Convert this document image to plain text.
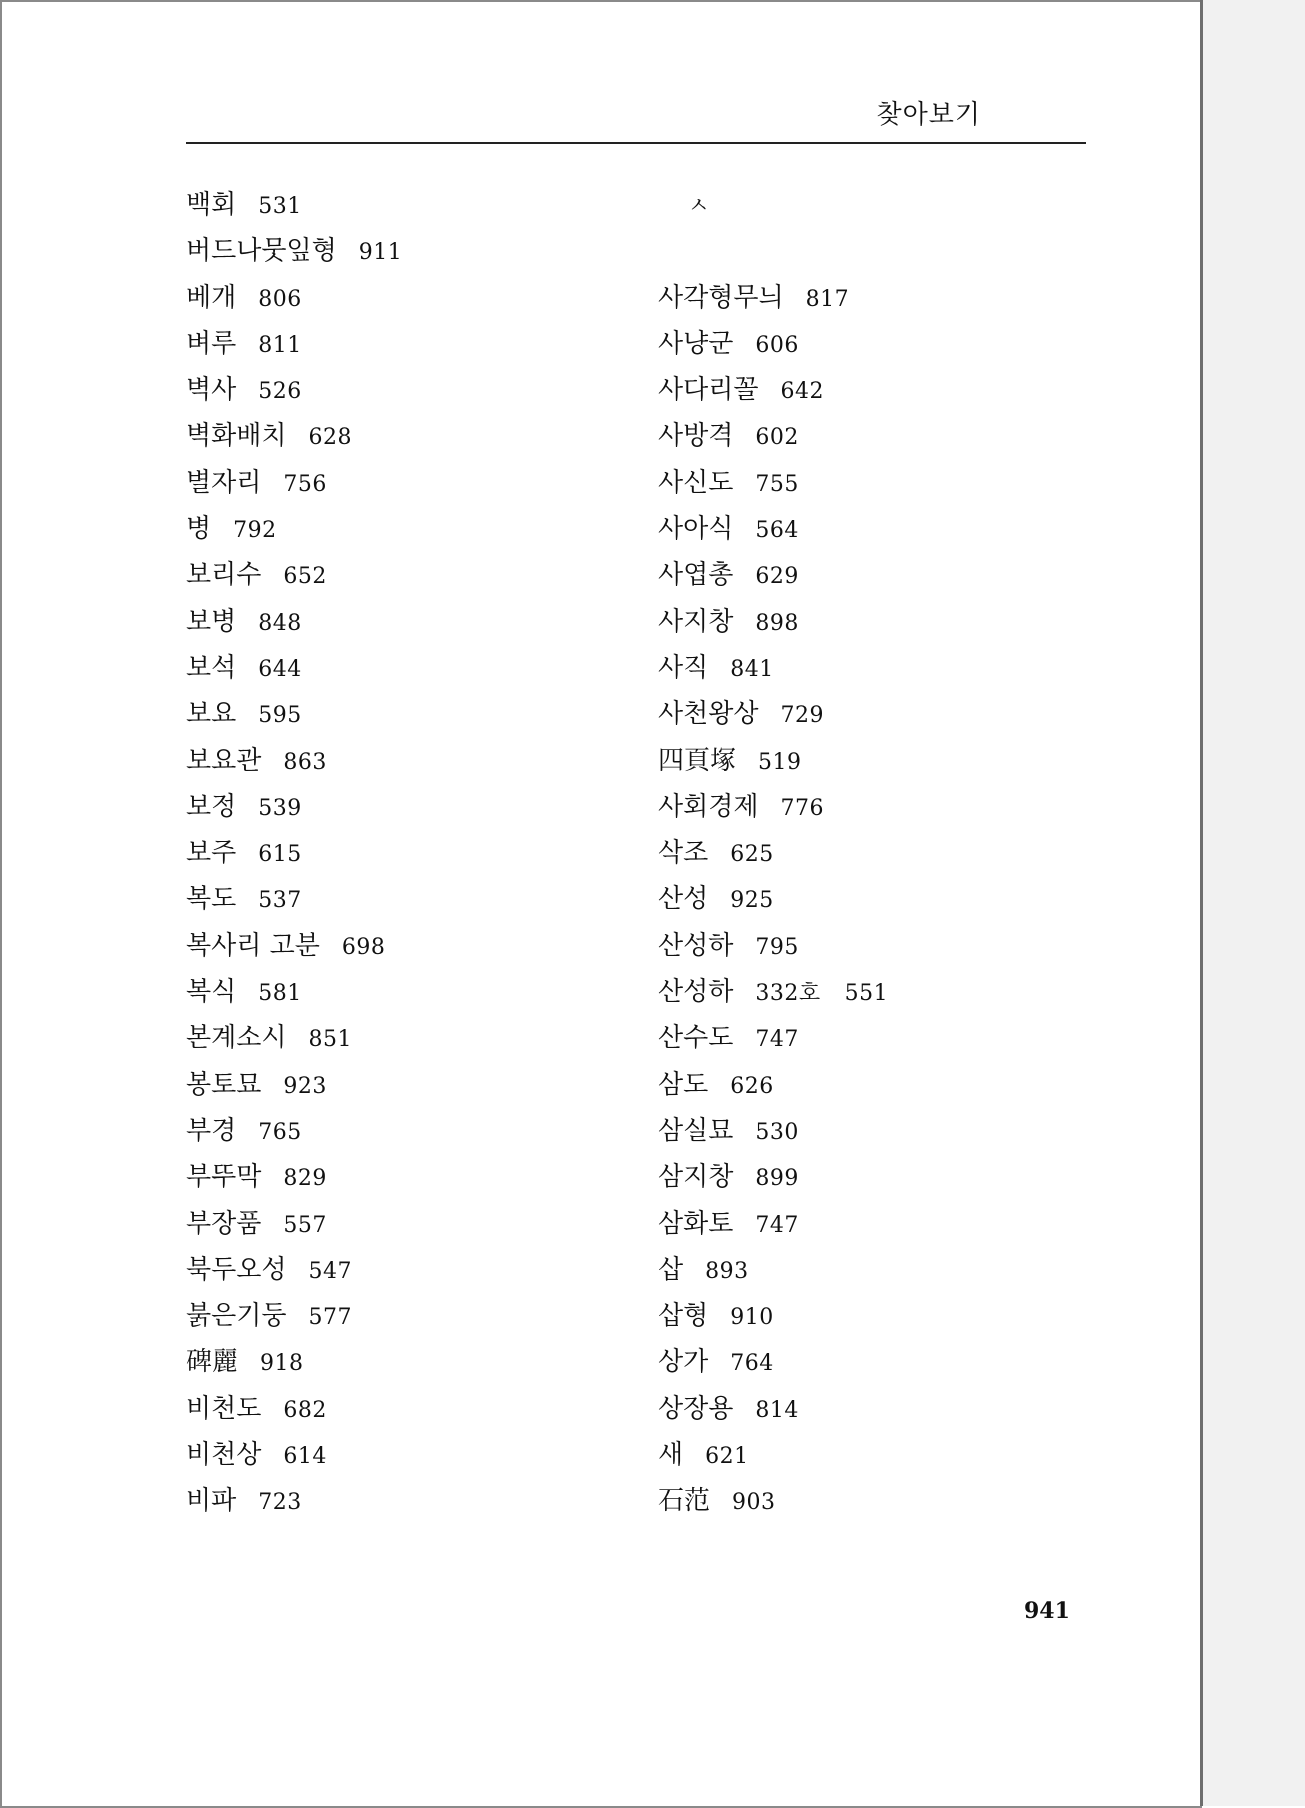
찾아보기
백회 531
버드나뭇잎형 911
베개 806
벼루 811
벽사 526
벽화배치 628
별자리 756
병 792
보리수 652
보병 848
보석 644
보요 595
보요관 863
보정 539
보주 615
복도 537
복사리 고분 698
복식 581
본계소시 851
봉토묘 923
부경 765
부뚜막 829
부장품 557
북두오성 547
붉은기둥 577
碑麗 918
비천도 682
비천상 614
비파 723
ㅅ
사각형무늬 817
사냥군 606
사다리꼴 642
사방격 602
사신도 755
사아식 564
사엽총 629
사지창 898
사직 841
사천왕상 729
四頁塚 519
사회경제 776
삭조 625
산성 925
산성하 795
산성하 332호 551
산수도 747
삼도 626
삼실묘 530
삼지창 899
삼화토 747
삽 893
삽형 910
상가 764
상장용 814
새 621
石范 903
941
